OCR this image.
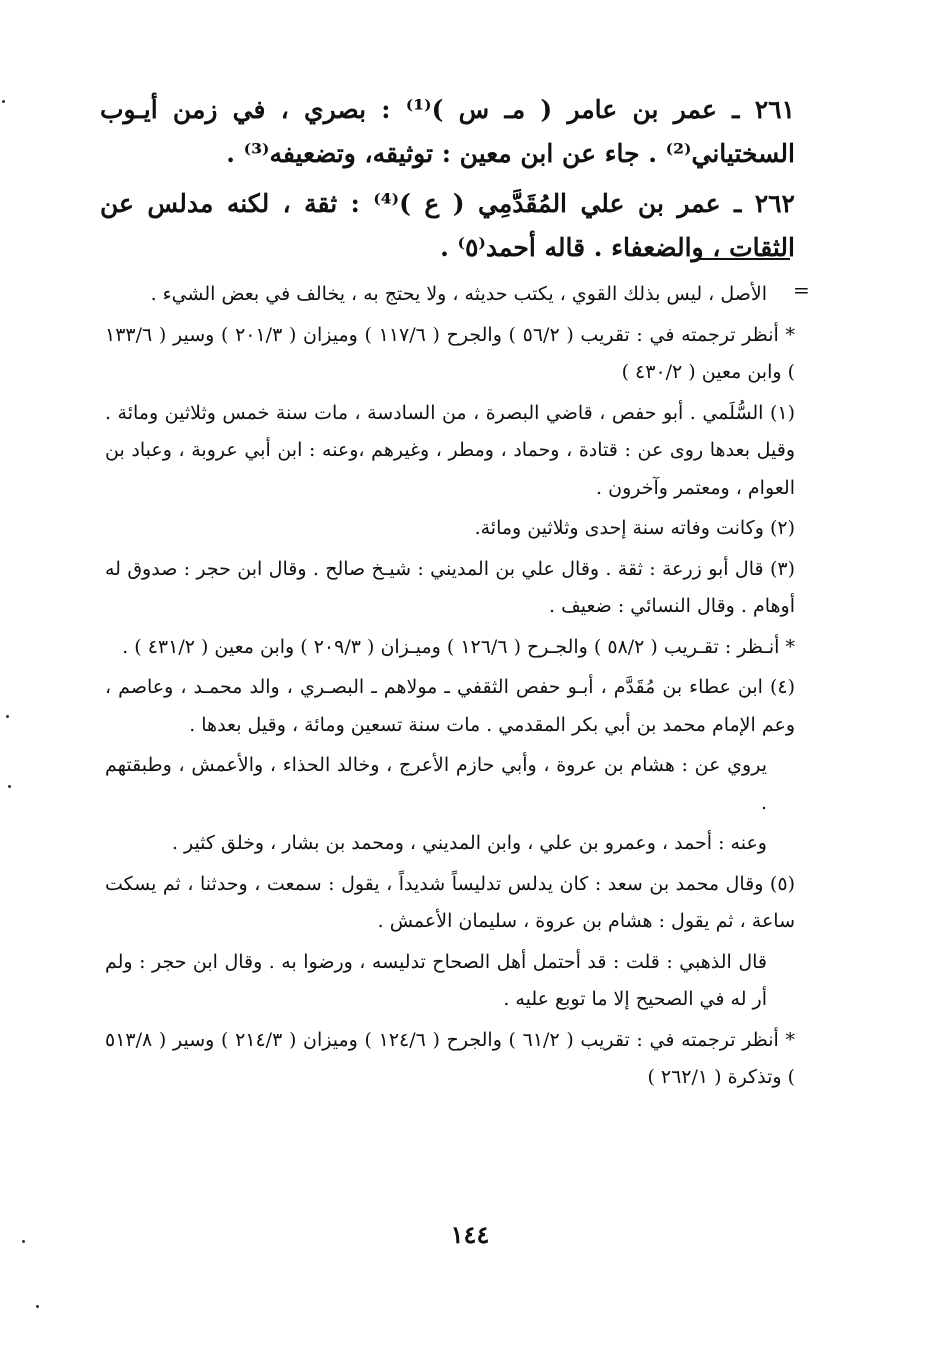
٢٦١ ـ عمر بن عامر ( مـ س )⁽¹⁾ : بصري ، في زمن أيـوب السختياني⁽²⁾ . جاء عن ابن معين : توثيقه، وتضعيفه⁽³⁾ .

٢٦٢ ـ عمر بن علي المُقَدَّمِي ( ع )⁽⁴⁾ : ثقة ، لكنه مدلس عن الثقات ، والضعفاء . قاله أحمد⁽٥⁾ .

=

الأصل ، ليس بذلك القوي ، يكتب حديثه ، ولا يحتج به ، يخالف في بعض الشيء .

* أنظر ترجمته في : تقريب ( ٥٦/٢ ) والجرح ( ١١٧/٦ ) وميزان ( ٢٠١/٣ ) وسير ( ١٣٣/٦ ) وابن معين ( ٤٣٠/٢ )

(١) السُّلَمي . أبو حفص ، قاضي البصرة ، من السادسة ، مات سنة خمس وثلاثين ومائة . وقيل بعدها روى عن : قتادة ، وحماد ، ومطر ، وغيرهم ،وعنه : ابن أبي عروبة ، وعباد بن العوام ، ومعتمر وآخرون .

(٢) وكانت وفاته سنة إحدى وثلاثين ومائة.

(٣) قال أبو زرعة : ثقة . وقال علي بن المديني : شيـخ صالح . وقال ابن حجر : صدوق له أوهام . وقال النسائي : ضعيف .

* أنـظر : تقـريب ( ٥٨/٢ ) والجـرح ( ١٢٦/٦ ) وميـزان ( ٢٠٩/٣ ) وابن معين ( ٤٣١/٢ ) .

(٤) ابن عطاء بن مُقَدَّم ، أبـو حفص الثقفي ـ مولاهم ـ البصـري ، والد محمـد ، وعاصم ، وعم الإمام محمد بن أبي بكر المقدمي . مات سنة تسعين ومائة ، وقيل بعدها .

يروي عن : هشام بن عروة ، وأبي حازم الأعرج ، وخالد الحذاء ، والأعمش ، وطبقتهم .

وعنه : أحمد ، وعمرو بن علي ، وابن المديني ، ومحمد بن بشار ، وخلق كثير .

(٥) وقال محمد بن سعد : كان يدلس تدليساً شديداً ، يقول : سمعت ، وحدثنا ، ثم يسكت ساعة ، ثم يقول : هشام بن عروة ، سليمان الأعمش .

قال الذهبي : قلت : قد أحتمل أهل الصحاح تدليسه ، ورضوا به . وقال ابن حجر : ولم أر له في الصحيح إلا ما توبع عليه .

* أنظر ترجمته في : تقريب ( ٦١/٢ ) والجرح ( ١٢٤/٦ ) وميزان ( ٢١٤/٣ ) وسير ( ٥١٣/٨ ) وتذكرة ( ٢٦٢/١ )

١٤٤
